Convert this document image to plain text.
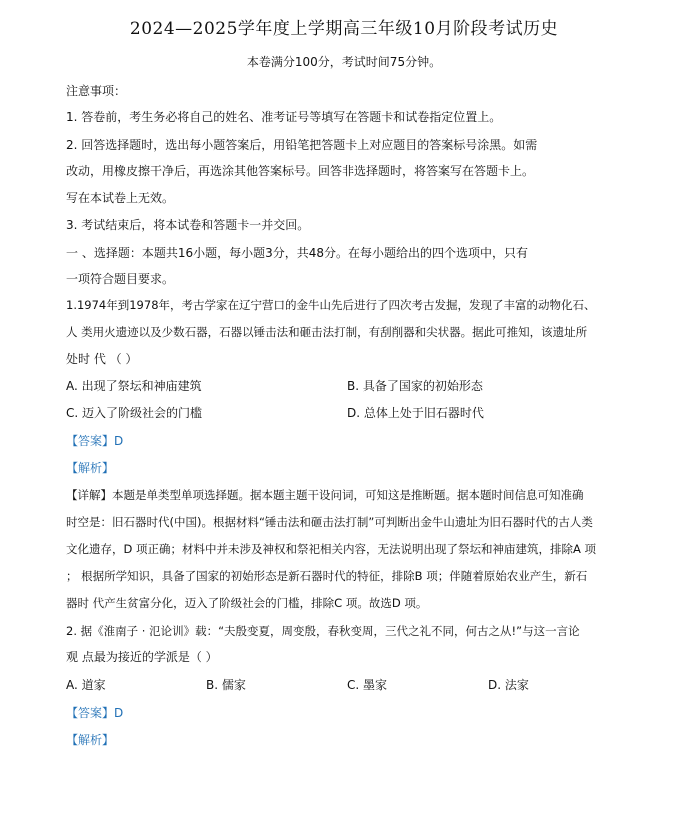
2024—2025学年度上学期高三年级10月阶段考试历史
本卷满分100分，考试时间75分钟。
注意事项：
1. 答卷前，考生务必将自己的姓名、准考证号等填写在答题卡和试卷指定位置上。
2. 回答选择题时，选出每小题答案后，用铅笔把答题卡上对应题目的答案标号涂黑。如需
改动，用橡皮擦干净后，再选涂其他答案标号。回答非选择题时，将答案写在答题卡上。
写在本试卷上无效。
3. 考试结束后，将本试卷和答题卡一并交回。
一 、选择题：本题共16小题，每小题3分，共48分。在每小题给出的四个选项中，只有
一项符合题目要求。
1.1974年到1978年，考古学家在辽宁营口的金牛山先后进行了四次考古发掘，发现了丰富的动物化石、
人 类用火遗迹以及少数石器，石器以锤击法和砸击法打制，有刮削器和尖状器。据此可推知，该遗址所
处时 代 （ ）
A. 出现了祭坛和神庙建筑	B. 具备了国家的初始形态
C. 迈入了阶级社会的门槛	D. 总体上处于旧石器时代
【答案】D
【解析】
【详解】本题是单类型单项选择题。据本题主题干设问词，可知这是推断题。据本题时间信息可知准确
时空是：旧石器时代(中国)。根据材料“锤击法和砸击法打制”可判断出金牛山遗址为旧石器时代的古人类
文化遗存，D 项正确；材料中并未涉及神权和祭祀相关内容，无法说明出现了祭坛和神庙建筑，排除A 项
； 根据所学知识，具备了国家的初始形态是新石器时代的特征，排除B 项；伴随着原始农业产生，新石
器时 代产生贫富分化，迈入了阶级社会的门槛，排除C 项。故选D 项。
2. 据《淮南子 · 氾论训》载：“夫殷变夏，周变殷，春秋变周，三代之礼不同，何古之从!”与这一言论
观 点最为接近的学派是（ ）
A. 道家	B. 儒家	C. 墨家	D. 法家
【答案】D
【解析】
